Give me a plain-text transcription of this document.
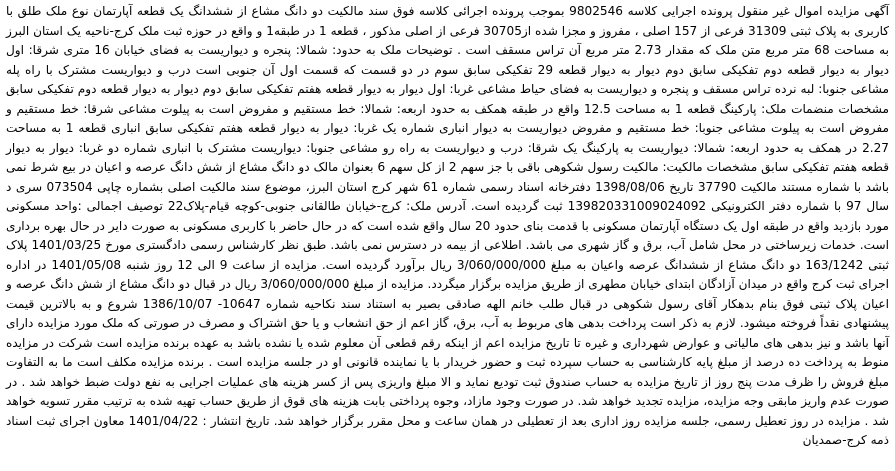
آگهی مزایده اموال غیر منقول پرونده اجرایی کلاسه 9802546 بموجب پرونده اجرائی کلاسه فوق سند مالکیت دو دانگ مشاع از ششدانگ یک قطعه آپارتمان نوع ملک طلق با کاربری به پلاک ثبتی 31309 فرعی از 157 اصلی ، مفروز و مجزا شده از30705 فرعی از اصلی مذکور ، قطعه 1 در طبقه1 و واقع در حوزه ثبت ملک کرج-ناحیه یک استان البرز به مساحت 68 متر مربع متن ملک که مقدار 2.73 متر مربع آن تراس مسقف است . توضیحات ملک به حدود: شمالا: پنجره و دیواریست به فضای خیابان 16 متری شرقا: اول دیوار به دیوار قطعه دوم تفکیکی سابق دوم دیوار به دیوار قطعه 29 تفکیکی سابق سوم در دو قسمت که قسمت اول آن جنوبی است درب و دیواریست مشترک با راه پله مشاعی جنوبا: لبه نرده تراس مسقف و پنجره و دیواریست به فضای حیاط مشاعی غربا: اول دیوار به دیوار قطعه هفتم تفکیکی سابق دوم دیوار به دیوار قطعه دوم تفکیکی سابق مشخصات منضمات ملک: پارکینگ قطعه 1 به مساحت 12.5 واقع در طبقه همکف به حدود اربعه: شمالا: خط مستقیم و مفروض است به پیلوت مشاعی شرقا: خط مستقیم و مفروض است به پیلوت مشاعی جنوبا: خط مستقیم و مفروض دیواریست به دیوار انباری شماره یک غربا: دیوار به دیوار قطعه هفتم تفکیکی سابق انباری قطعه 1 به مساحت 2.27 در همکف به حدود اربعه: شمالا: دیواریست به پارکینگ یک شرقا: درب و دیواریست به راه رو مشاعی جنوبا: دیواریست مشترک با انباری شماره دو غربا: دیوار به دیوار قطعه هفتم تفکیکی سابق مشخصات مالکیت: مالکیت رسول شکوهی باقی با جز سهم 2 از کل سهم 6 بعنوان مالک دو دانگ مشاع از شش دانگ عرصه و اعیان در بیع شرط نمی باشد با شماره مستند مالکیت 37790 تاریخ 1398/08/06 دفترخانه اسناد رسمی شماره 61 شهر کرج استان البرز، موضوع سند مالکیت اصلی بشماره چاپی 073504 سری د سال 97 با شماره دفتر الکترونیکی 139820331009024092 ثبت گردیده است. آدرس ملک: کرج-خیابان طالقانی جنوبی-کوچه قیام-پلاک22 توصیف اجمالی :واحد مسکونی مورد بازدید واقع در طبقه اول یک دستگاه آپارتمان مسکونی با قدمت بنای حدود 20 سال واقع شده است که در حال حاضر با کاربری مسکونی به صورت دایر در حال بهره برداری است. خدمات زیرساختی در محل شامل آب، برق و گاز شهری می باشد. اطلاعی از بیمه در دسترس نمی باشد. طبق نظر کارشناس رسمی دادگستری مورخ 1401/03/25 پلاک ثبتی 163/1242 دو دانگ مشاع از ششدانگ عرصه واعیان به مبلغ 3/060/000/000 ریال برآورد گردیده است. مزایده از ساعت 9 الی 12 روز شنبه 1401/05/08 در اداره اجرای ثبت کرج واقع در میدان آزادگان ابتدای خیابان مطهری از طریق مزایده برگزار میگردد. مزایده از مبلغ 3/060/000/000 ریال در قبال دو دانگ مشاع از شش دانگ عرصه و اعیان پلاک ثبتی فوق بنام بدهکار آقای رسول شکوهی در قبال طلب خانم الهه صادقی بصیر به استناد سند نکاحیه شماره 10647- 1386/10/07 شروع و به بالاترین قیمت پیشنهادی نقداً فروخته میشود. لازم به ذکر است پرداخت بدهی های مربوط به آب، برق، گاز اعم از حق انشعاب و یا حق اشتراک و مصرف در صورتی که ملک مورد مزایده دارای آنها باشد و نیز بدهی های مالیاتی و عوارض شهرداری و غیره تا تاریخ مزایده اعم از اینکه رقم قطعی آن معلوم شده یا نشده باشد به عهده برنده مزایده است شرکت در مزایده منوط به پرداخت ده درصد از مبلغ پایه کارشناسی به حساب سپرده ثبت و حضور خریدار با یا نماینده قانونی او در جلسه مزایده است . برنده مزایده مکلف است ما به التفاوت مبلغ فروش را ظرف مدت پنج روز از تاریخ مزایده به حساب صندوق ثبت تودیع نماید و الا مبلغ واریزی پس از کسر هزینه های عملیات اجرایی به نفع دولت ضبط خواهد شد . در صورت عدم واریز مابقی وجه مزایده، مزایده تجدید خواهد شد. در صورت وجود مازاد، وجوه پرداختی بابت هزینه های قوق از طریق حساب تهیه شده به ترتیب مقرر تسویه خواهد شد . مزایده در روز تعطیل رسمی، جلسه مزایده روز اداری بعد از تعطیلی در همان ساعت و محل مقرر برگزار خواهد شد. تاریخ انتشار : 1401/04/22 معاون اجرای ثبت اسناد ذمه کرج-صمدیان
